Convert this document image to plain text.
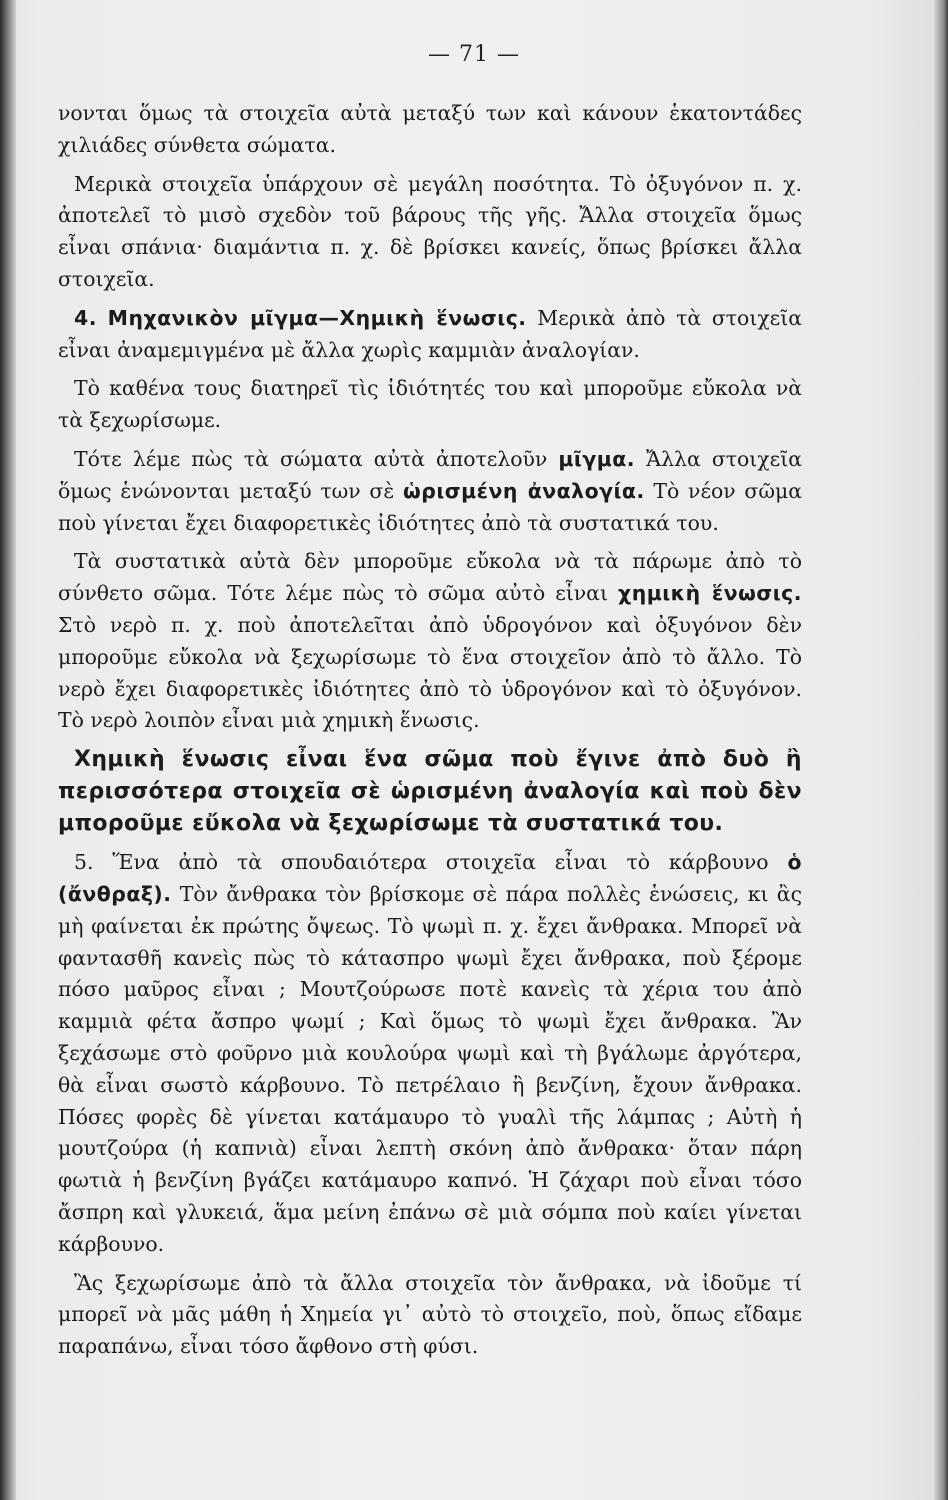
— 71 —

νονται ὅμως τὰ στοιχεῖα αὐτὰ μεταξύ των καὶ κάνουν ἑκατοντάδες χιλιάδες σύνθετα σώματα.

Μερικὰ στοιχεῖα ὑπάρχουν σὲ μεγάλη ποσότητα. Τὸ ὀξυγόνον π. χ. ἀποτελεῖ τὸ μισὸ σχεδὸν τοῦ βάρους τῆς γῆς. Ἄλλα στοιχεῖα ὅμως εἶναι σπάνια· διαμάντια π. χ. δὲ βρίσκει κανείς, ὅπως βρίσκει ἄλλα στοιχεῖα.

4. Μηχανικὸν μῖγμα—Χημικὴ ἕνωσις. Μερικὰ ἀπὸ τὰ στοιχεῖα εἶναι ἀναμεμιγμένα μὲ ἄλλα χωρὶς καμμιὰν ἀναλογίαν.

Τὸ καθένα τους διατηρεῖ τὶς ἰδιότητές του καὶ μποροῦμε εὔκολα νὰ τὰ ξεχωρίσωμε.

Τότε λέμε πὼς τὰ σώματα αὐτὰ ἀποτελοῦν μῖγμα. Ἄλλα στοιχεῖα ὅμως ἑνώνονται μεταξύ των σὲ ὡρισμένη ἀναλογία. Τὸ νέον σῶμα ποὺ γίνεται ἔχει διαφορετικὲς ἰδιότητες ἀπὸ τὰ συστατικά του.

Τὰ συστατικὰ αὐτὰ δὲν μποροῦμε εὔκολα νὰ τὰ πάρωμε ἀπὸ τὸ σύνθετο σῶμα. Τότε λέμε πὼς τὸ σῶμα αὐτὸ εἶναι χημικὴ ἕνωσις. Στὸ νερὸ π. χ. ποὺ ἀποτελεῖται ἀπὸ ὑδρογόνον καὶ ὀξυγόνον δὲν μποροῦμε εὔκολα νὰ ξεχωρίσωμε τὸ ἕνα στοιχεῖον ἀπὸ τὸ ἄλλο. Τὸ νερὸ ἔχει διαφορετικὲς ἰδιότητες ἀπὸ τὸ ὑδρογόνον καὶ τὸ ὀξυγόνον. Τὸ νερὸ λοιπὸν εἶναι μιὰ χημικὴ ἕνωσις.

Χημικὴ ἕνωσις εἶναι ἕνα σῶμα ποὺ ἔγινε ἀπὸ δυὸ ἢ περισσότερα στοιχεῖα σὲ ὡρισμένη ἀναλογία καὶ ποὺ δὲν μποροῦμε εὔκολα νὰ ξεχωρίσωμε τὰ συστατικά του.

5. Ἕνα ἀπὸ τὰ σπουδαιότερα στοιχεῖα εἶναι τὸ κάρβουνο ὁ (ἄνθραξ). Τὸν ἄνθρακα τὸν βρίσκομε σὲ πάρα πολλὲς ἑνώσεις, κι ἂς μὴ φαίνεται ἐκ πρώτης ὄψεως. Τὸ ψωμὶ π. χ. ἔχει ἄνθρακα. Μπορεῖ νὰ φαντασθῆ κανεὶς πὼς τὸ κάτασπρο ψωμὶ ἔχει ἄνθρακα, ποὺ ξέρομε πόσο μαῦρος εἶναι ; Μουτζούρωσε ποτὲ κανεὶς τὰ χέρια του ἀπὸ καμμιὰ φέτα ἄσπρο ψωμί ; Καὶ ὅμως τὸ ψωμὶ ἔχει ἄνθρακα. Ἂν ξεχάσωμε στὸ φοῦρνο μιὰ κουλούρα ψωμὶ καὶ τὴ βγάλωμε ἀργότερα, θὰ εἶναι σωστὸ κάρβουνο. Τὸ πετρέλαιο ἢ βενζίνη, ἔχουν ἄνθρακα. Πόσες φορὲς δὲ γίνεται κατάμαυρο τὸ γυαλὶ τῆς λάμπας ; Αὐτὴ ἡ μουτζούρα (ἡ καπνιὰ) εἶναι λεπτὴ σκόνη ἀπὸ ἄνθρακα· ὅταν πάρη φωτιὰ ἡ βενζίνη βγάζει κατάμαυρο καπνό. Ἡ ζάχαρι ποὺ εἶναι τόσο ἄσπρη καὶ γλυκειά, ἅμα μείνη ἐπάνω σὲ μιὰ σόμπα ποὺ καίει γίνεται κάρβουνο.

Ἂς ξεχωρίσωμε ἀπὸ τὰ ἄλλα στοιχεῖα τὸν ἄνθρακα, νὰ ἰδοῦμε τί μπορεῖ νὰ μᾶς μάθη ἡ Χημεία γι᾿ αὐτὸ τὸ στοιχεῖο, ποὺ, ὅπως εἴδαμε παραπάνω, εἶναι τόσο ἄφθονο στὴ φύσι.
